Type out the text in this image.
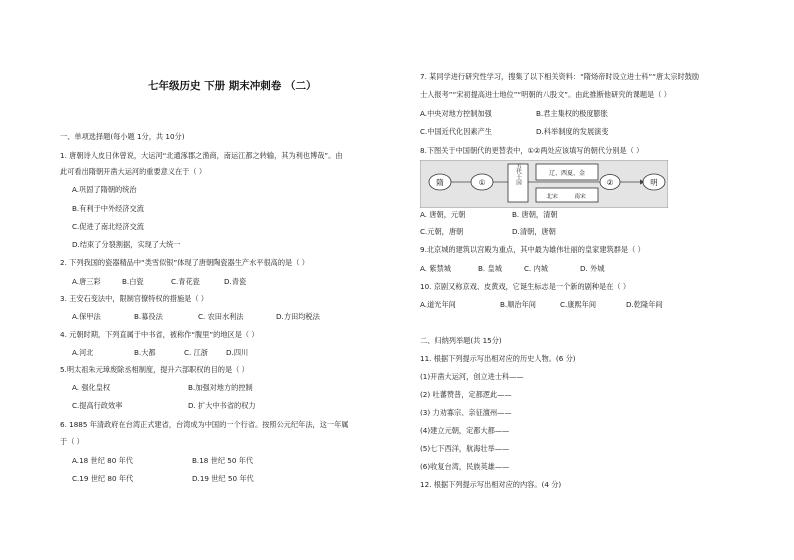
七年级历史 下册 期末冲刺卷 （二）
一、单项选择题(每小题 1分，共 10分)
1. 唐朝诗人皮日休曾说，大运河“北通涿郡之渔商，南运江都之转输，其为利也博哉”。由
此可看出隋朝开凿大运河的重要意义在于（ ）
A.巩固了隋朝的统治
B.有利于中外经济交流
C.促进了南北经济交流
D.结束了分裂割据，实现了大统一
2. 下列我国的瓷器精品中“类雪似银”体现了唐朝陶瓷器生产水平很高的是（ ）
A.唐三彩	B.白瓷	C.青花瓷	D.青瓷
3. 王安石变法中，限制官僚特权的措施是（ ）
A.保甲法	B.募役法	C. 农田水利法	D.方田均税法
4. 元朝时期，下列直属于中书省，被称作“腹里”的地区是（ ）
A.河北	B.大都	C. 江浙	D.四川
5.明太祖朱元璋废除丞相制度，提升六部职权的目的是（ ）
A. 强化皇权	B.加强对地方的控制
C.提高行政效率	D. 扩大中书省的权力
6. 1885 年清政府在台湾正式建省，台湾成为中国的一个行省。按照公元纪年法，这一年属
于（ ）
A.18 世纪 80 年代	B.18 世纪 50 年代
C.19 世纪 80 年代	D.19 世纪 50 年代
7. 某同学进行研究性学习，搜集了以下相关资料：“隋炀帝时设立进士科”“唐太宗时鼓励
士人报考”“宋初提高进士地位”“明朝的八股文”。由此推断他研究的课题是（ ）
A.中央对地方控制加强	B.君主集权的极度膨胀
C.中国近代化因素产生	D.科举制度的发展演变
8.下图关于中国朝代的更替表中，①②两处应该填写的朝代分别是（ ）
隋	①	五代十国	辽、西夏、金
北宋	南宋
②	明
A. 唐朝，元朝	B. 唐朝，清朝
C.元朝，唐朝	D.清朝，唐朝
9.北京城的建筑以宫殿为重点，其中最为雄伟壮丽的皇家建筑群是（ ）
A. 紫禁城	B. 皇城	C. 内城	D. 外城
10. 京剧又称京戏、皮黄戏，它诞生标志是一个新的剧种是在（ ）
A.道光年间	B.顺治年间	C.康熙年间	D.乾隆年间
二、归纳列举题(共 15分)
11. 根据下列提示写出相对应的历史人物。(6 分)
(1)开凿大运河，创立进士科——
(2) 吐蕃赞普，定都逻此——
(3) 力劝寡宗、亲征澶州——
(4)建立元朝，定都大都——
(5)七下西洋，航海壮举——
(6)收复台湾，民族英雄——
12. 根据下列提示写出相对应的内容。(4 分)
